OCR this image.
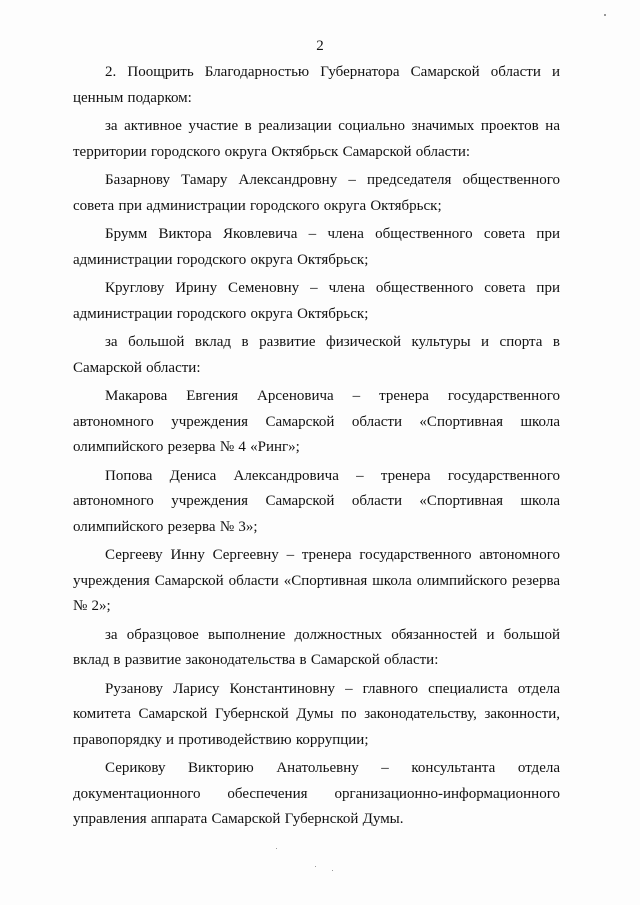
2

2. Поощрить Благодарностью Губернатора Самарской области и ценным подарком:

за активное участие в реализации социально значимых проектов на территории городского округа Октябрьск Самарской области:

Базарнову Тамару Александровну – председателя общественного совета при администрации городского округа Октябрьск;

Брумм Виктора Яковлевича – члена общественного совета при администрации городского округа Октябрьск;

Круглову Ирину Семеновну – члена общественного совета при администрации городского округа Октябрьск;

за большой вклад в развитие физической культуры и спорта в Самарской области:

Макарова Евгения Арсеновича – тренера государственного автономного учреждения Самарской области «Спортивная школа олимпийского резерва № 4 «Ринг»;

Попова Дениса Александровича – тренера государственного автономного учреждения Самарской области «Спортивная школа олимпийского резерва № 3»;

Сергееву Инну Сергеевну – тренера государственного автономного учреждения Самарской области «Спортивная школа олимпийского резерва № 2»;

за образцовое выполнение должностных обязанностей и большой вклад в развитие законодательства в Самарской области:

Рузанову Ларису Константиновну – главного специалиста отдела комитета Самарской Губернской Думы по законодательству, законности, правопорядку и противодействию коррупции;

Серикову Викторию Анатольевну – консультанта отдела документационного обеспечения организационно-информационного управления аппарата Самарской Губернской Думы.
